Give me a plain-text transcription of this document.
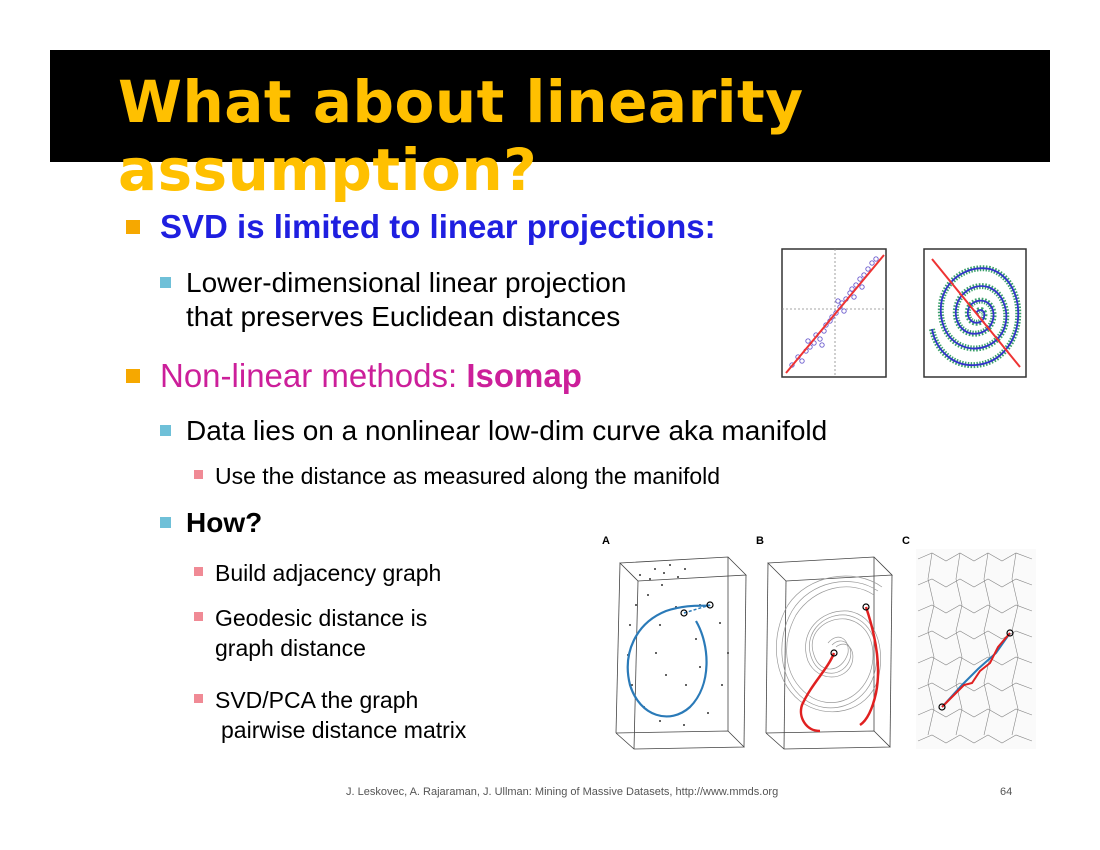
What about linearity assumption?
SVD is limited to linear projections:
Lower-dimensional linear projection
that preserves Euclidean distances
Non-linear methods: Isomap
Data lies on a nonlinear low-dim curve aka manifold
Use the distance as measured along the manifold
How?
Build adjacency graph
Geodesic distance is
graph distance
SVD/PCA the graph
pairwise distance matrix
A	B	C
J. Leskovec, A. Rajaraman, J. Ullman: Mining of Massive Datasets, http://www.mmds.org	64
